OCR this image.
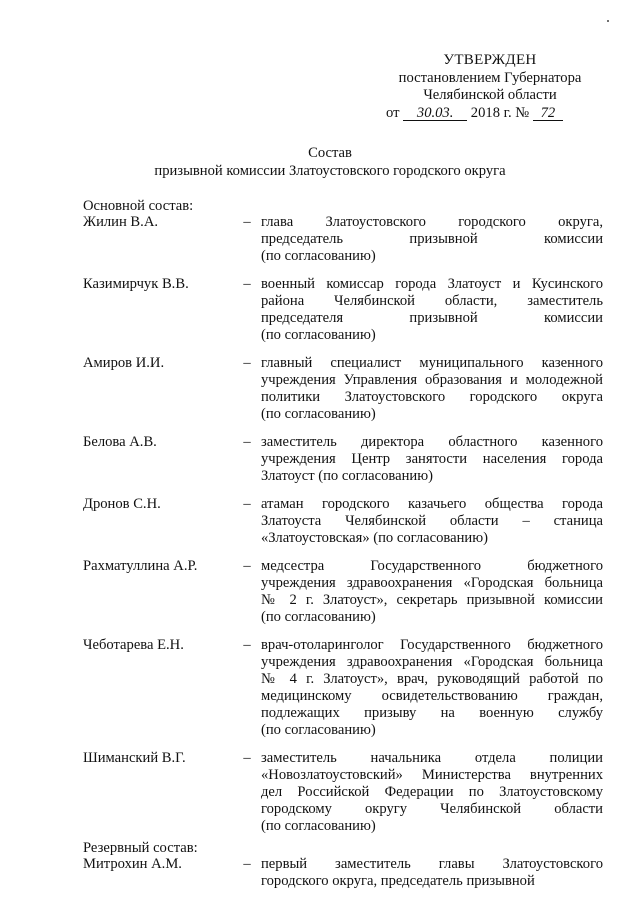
УТВЕРЖДЕН
постановлением Губернатора
Челябинской области
от 30.03. 2018 г. № 72
Состав
призывной комиссии Златоустовского городского округа
Основной состав:
Жилин В.А.	– глава Златоустовского городского округа,
председатель призывной комиссии
(по согласованию)
Казимирчук В.В.	– военный комиссар города Златоуст и Кусинского
района Челябинской области, заместитель
председателя призывной комиссии
(по согласованию)
Амиров И.И.	– главный специалист муниципального казенного
учреждения Управления образования и молодежной
политики Златоустовского городского округа
(по согласованию)
Белова А.В.	– заместитель директора областного казенного
учреждения Центр занятости населения города
Златоуст (по согласованию)
Дронов С.Н.	– атаман городского казачьего общества города
Златоуста Челябинской области – станица
«Златоустовская» (по согласованию)
Рахматуллина А.Р.	– медсестра Государственного бюджетного
учреждения здравоохранения «Городская больница
№ 2 г. Златоуст», секретарь призывной комиссии
(по согласованию)
Чеботарева Е.Н.	– врач-отоларинголог Государственного бюджетного
учреждения здравоохранения «Городская больница
№ 4 г. Златоуст», врач, руководящий работой по
медицинскому освидетельствованию граждан,
подлежащих призыву на военную службу
(по согласованию)
Шиманский В.Г.	– заместитель начальника отдела полиции
«Новозлатоустовский» Министерства внутренних
дел Российской Федерации по Златоустовскому
городскому округу Челябинской области
(по согласованию)
Резервный состав:
Митрохин А.М.	– первый заместитель главы Златоустовского
городского округа, председатель призывной
